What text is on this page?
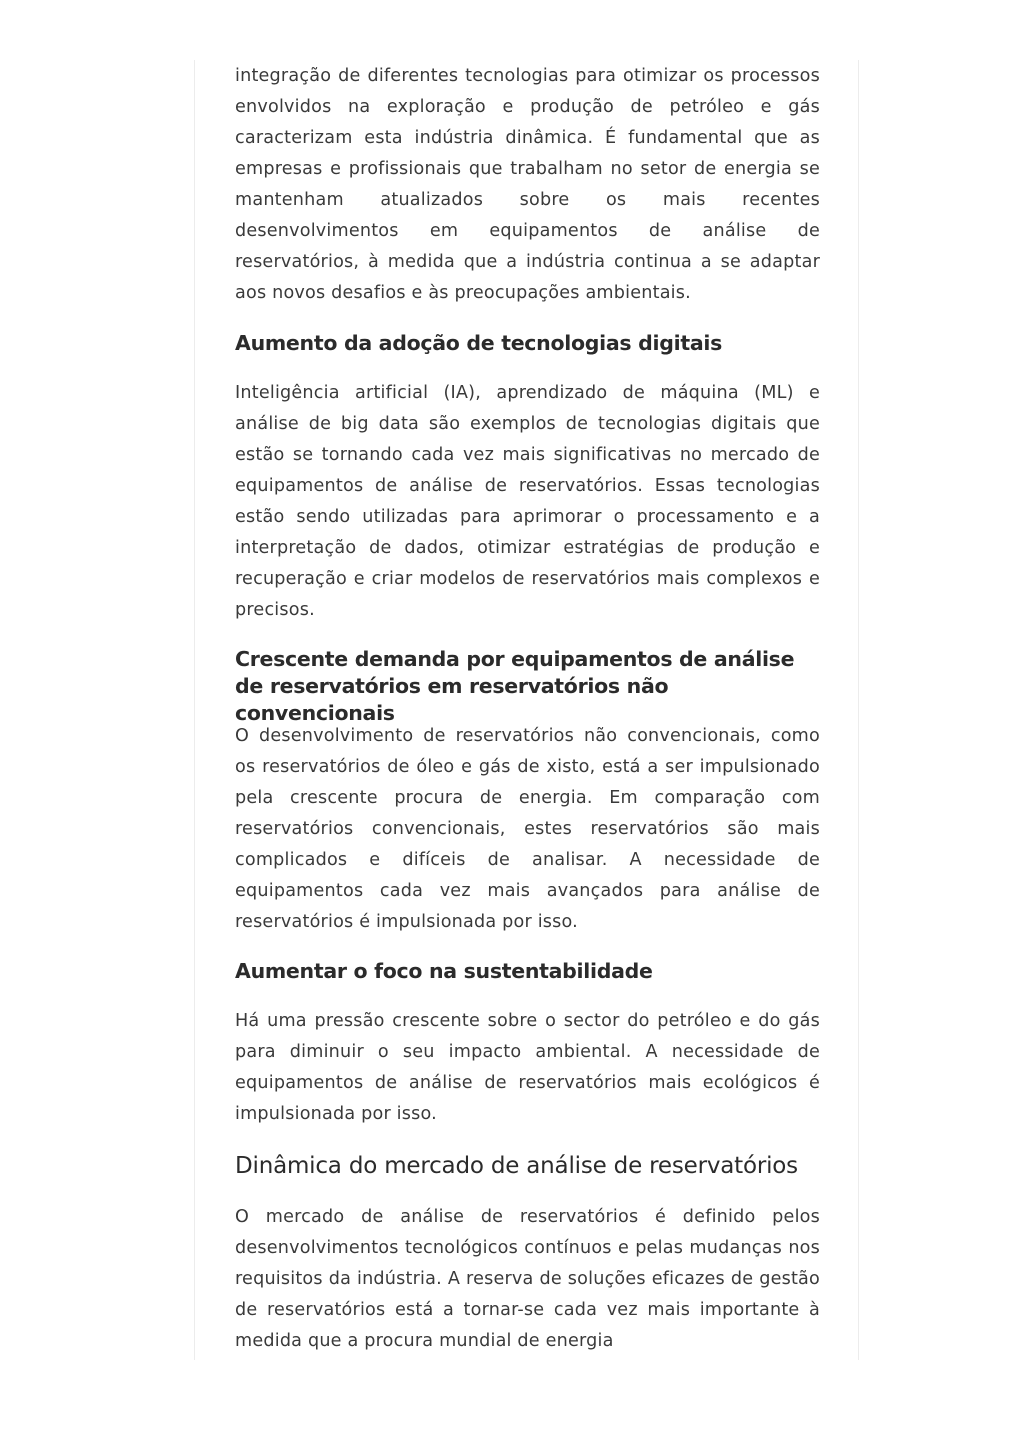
integração de diferentes tecnologias para otimizar os processos envolvidos na exploração e produção de petróleo e gás caracterizam esta indústria dinâmica. É fundamental que as empresas e profissionais que trabalham no setor de energia se mantenham atualizados sobre os mais recentes desenvolvimentos em equipamentos de análise de reservatórios, à medida que a indústria continua a se adaptar aos novos desafios e às preocupações ambientais.

Aumento da adoção de tecnologias digitais

Inteligência artificial (IA), aprendizado de máquina (ML) e análise de big data são exemplos de tecnologias digitais que estão se tornando cada vez mais significativas no mercado de equipamentos de análise de reservatórios. Essas tecnologias estão sendo utilizadas para aprimorar o processamento e a interpretação de dados, otimizar estratégias de produção e recuperação e criar modelos de reservatórios mais complexos e precisos.

Crescente demanda por equipamentos de análise de reservatórios em reservatórios não convencionais

O desenvolvimento de reservatórios não convencionais, como os reservatórios de óleo e gás de xisto, está a ser impulsionado pela crescente procura de energia. Em comparação com reservatórios convencionais, estes reservatórios são mais complicados e difíceis de analisar. A necessidade de equipamentos cada vez mais avançados para análise de reservatórios é impulsionada por isso.

Aumentar o foco na sustentabilidade

Há uma pressão crescente sobre o sector do petróleo e do gás para diminuir o seu impacto ambiental. A necessidade de equipamentos de análise de reservatórios mais ecológicos é impulsionada por isso.

Dinâmica do mercado de análise de reservatórios

O mercado de análise de reservatórios é definido pelos desenvolvimentos tecnológicos contínuos e pelas mudanças nos requisitos da indústria. A reserva de soluções eficazes de gestão de reservatórios está a tornar-se cada vez mais importante à medida que a procura mundial de energia
